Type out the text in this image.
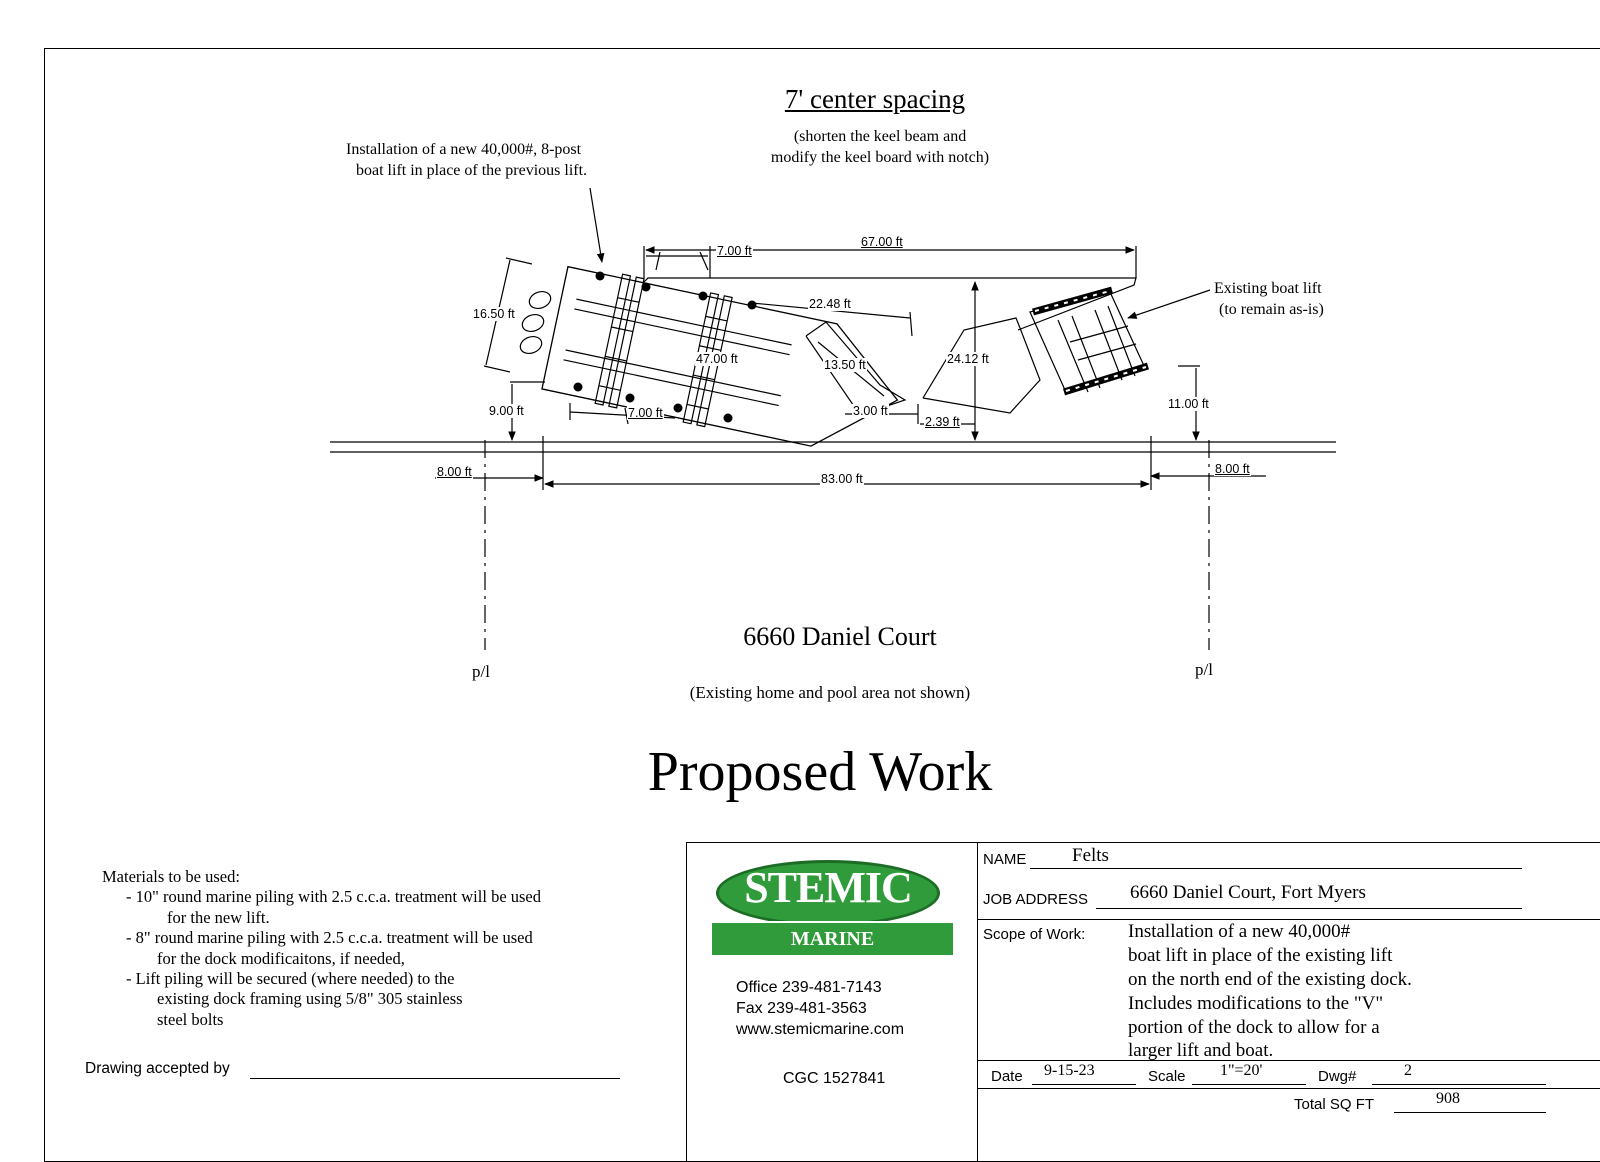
7' center spacing
(shorten the keel beam and
modify the keel board with notch)
Installation of a new 40,000#, 8-post
boat lift in place of the previous lift.
Existing boat lift
(to remain as-is)
7.00 ft
67.00 ft
16.50 ft
22.48 ft
47.00 ft	13.50 ft	24.12 ft
9.00 ft	7.00 ft	3.00 ft
2.39 ft
11.00 ft
8.00 ft	83.00 ft
8.00 ft
6660 Daniel Court
(Existing home and pool area not shown)
p/l	p/l
Proposed Work
Materials to be used:
- 10" round marine piling with 2.5 c.c.a. treatment will be used
for the new lift.
- 8" round marine piling with 2.5 c.c.a. treatment will be used
for the dock modificaitons, if needed,
- Lift piling will be secured (where needed) to the
existing dock framing using 5/8" 305 stainless
steel bolts
Drawing accepted by
STEMIC
MARINE CONSTRUCTION
Office 239-481-7143
Fax 239-481-3563
www.stemicmarine.com
CGC 1527841
NAME Felts
JOB ADDRESS 6660 Daniel Court, Fort Myers
Scope of Work: Installation of a new 40,000#
boat lift in place of the existing lift
on the north end of the existing dock.
Includes modifications to the "V"
portion of the dock to allow for a
larger lift and boat.
Date 9-15-23	Scale 1"=20'	Dwg#	2
Total SQ FT	908
